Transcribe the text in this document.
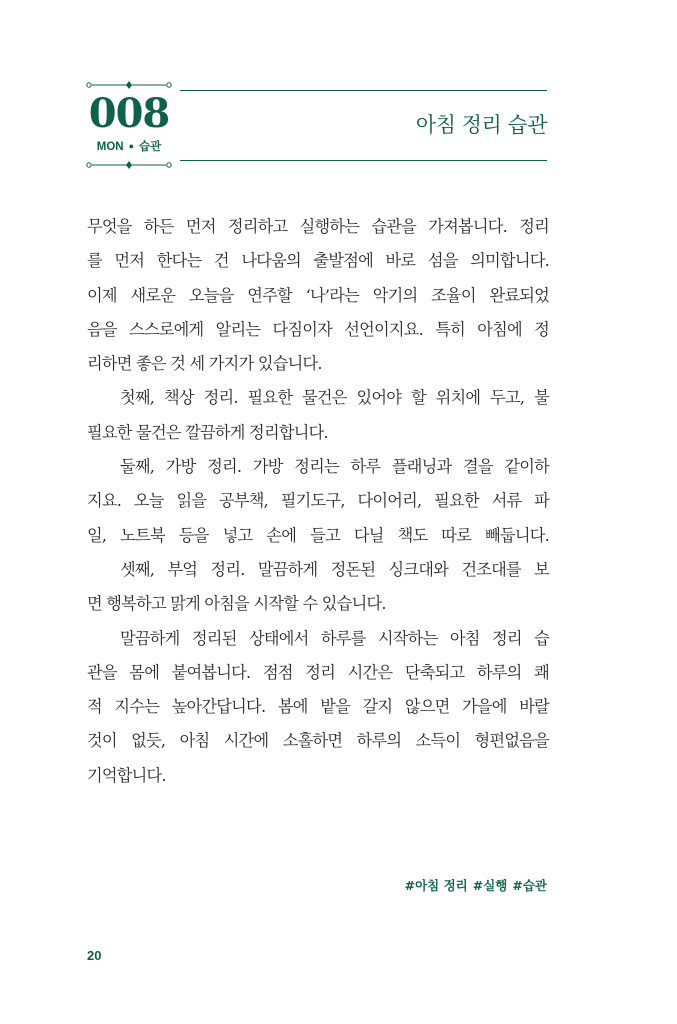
008
MON ● 습관
아침 정리 습관
무엇을 하든 먼저 정리하고 실행하는 습관을 가져봅니다. 정리
를 먼저 한다는 건 나다움의 출발점에 바로 섬을 의미합니다.
이제 새로운 오늘을 연주할 ‘나’라는 악기의 조율이 완료되었
음을 스스로에게 알리는 다짐이자 선언이지요. 특히 아침에 정
리하면 좋은 것 세 가지가 있습니다.
첫째, 책상 정리. 필요한 물건은 있어야 할 위치에 두고, 불
필요한 물건은 깔끔하게 정리합니다.
둘째, 가방 정리. 가방 정리는 하루 플래닝과 결을 같이하
지요. 오늘 읽을 공부책, 필기도구, 다이어리, 필요한 서류 파
일, 노트북 등을 넣고 손에 들고 다닐 책도 따로 빼둡니다.
셋째, 부엌 정리. 말끔하게 정돈된 싱크대와 건조대를 보
면 행복하고 맑게 아침을 시작할 수 있습니다.
말끔하게 정리된 상태에서 하루를 시작하는 아침 정리 습
관을 몸에 붙여봅니다. 점점 정리 시간은 단축되고 하루의 쾌
적 지수는 높아간답니다. 봄에 밭을 갈지 않으면 가을에 바랄
것이 없듯, 아침 시간에 소홀하면 하루의 소득이 형편없음을
기억합니다.
#아침 정리 #실행 #습관
20
